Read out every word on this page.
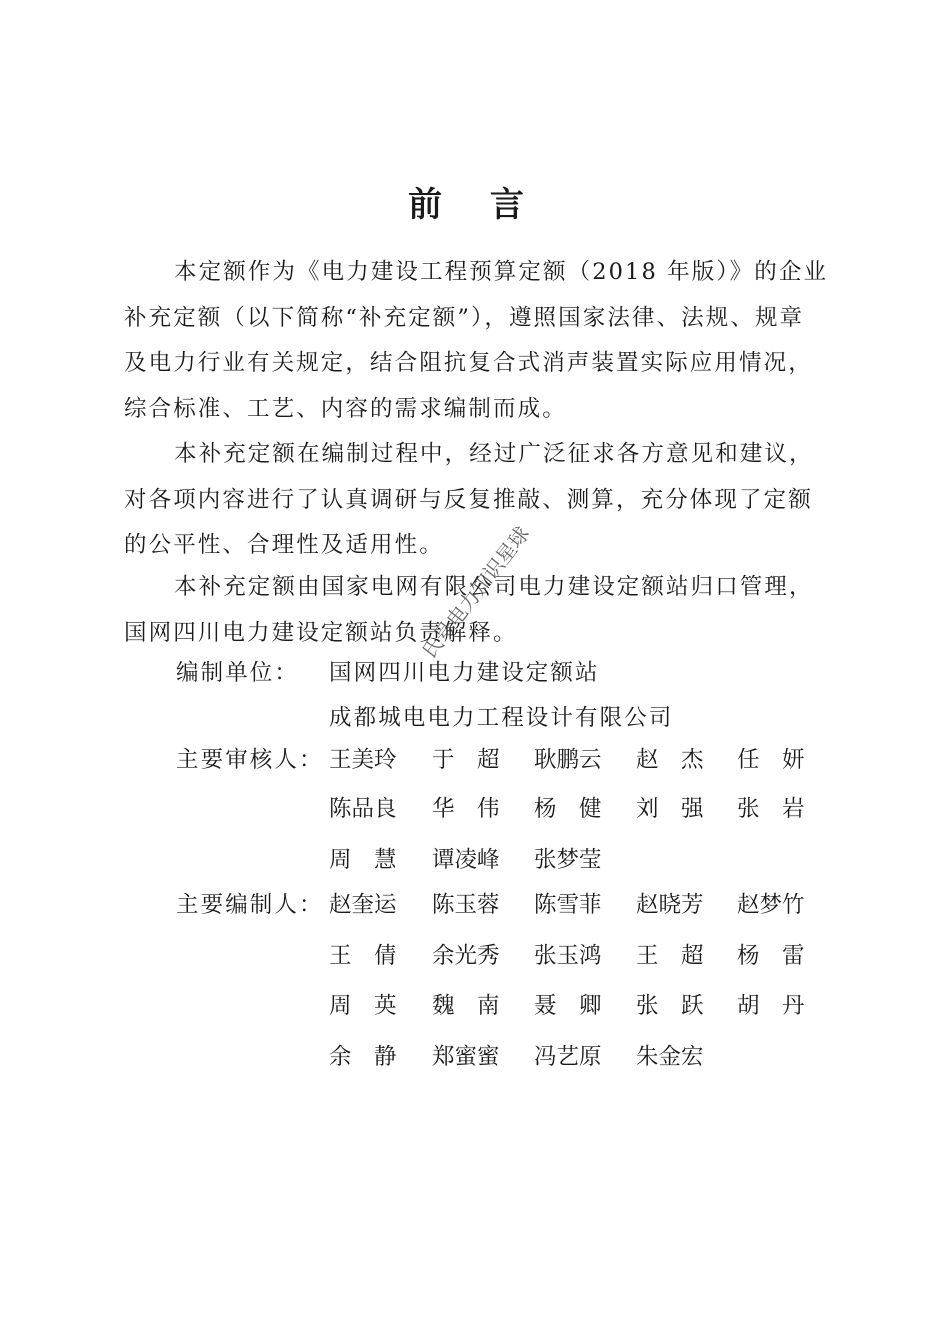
前 言
本定额作为《电力建设工程预算定额（2018 年版）》的企业
补充定额（以下简称“补充定额”），遵照国家法律、法规、规章
及电力行业有关规定，结合阻抗复合式消声装置实际应用情况，
综合标准、工艺、内容的需求编制而成。
本补充定额在编制过程中，经过广泛征求各方意见和建议，
对各项内容进行了认真调研与反复推敲、测算，充分体现了定额
的公平性、合理性及适用性。
本补充定额由国家电网有限公司电力建设定额站归口管理，
国网四川电力建设定额站负责解释。
编制单位： 国网四川电力建设定额站
成都城电电力工程设计有限公司
主要审核人： 王美玲	于　超	耿鹏云	赵　杰	任　妍
陈品良	华　伟	杨　健	刘　强	张　岩
周　慧	谭凌峰	张梦莹
主要编制人： 赵奎运	陈玉蓉	陈雪菲	赵晓芳	赵梦竹
王　倩	余光秀	张玉鸿	王　超	杨　雷
周　英	魏　南	聂　卿	张　跃	胡　丹
余　静	郑蜜蜜	冯艺原	朱金宏
氏号电力知识星球
